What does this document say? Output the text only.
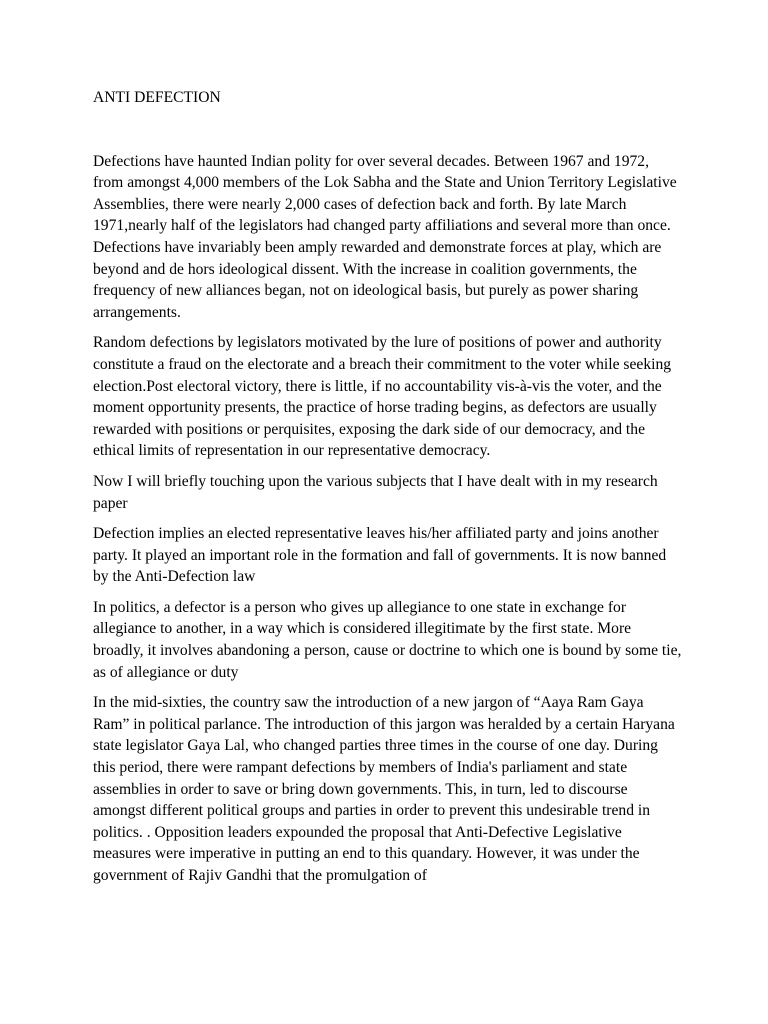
ANTI DEFECTION

Defections have haunted Indian polity for over several decades. Between 1967 and 1972, from amongst 4,000 members of the Lok Sabha and the State and Union Territory Legislative Assemblies, there were nearly 2,000 cases of defection back and forth. By late March 1971,nearly half of the legislators had changed party affiliations and several more than once. Defections have invariably been amply rewarded and demonstrate forces at play, which are beyond and de hors ideological dissent. With the increase in coalition governments, the frequency of new alliances began, not on ideological basis, but purely as power sharing arrangements.

Random defections by legislators motivated by the lure of positions of power and authority constitute a fraud on the electorate and a breach their commitment to the voter while seeking election.Post electoral victory, there is little, if no accountability vis-à-vis the voter, and the moment opportunity presents, the practice of horse trading begins, as defectors are usually rewarded with positions or perquisites, exposing the dark side of our democracy, and the ethical limits of representation in our representative democracy.

Now I will briefly touching upon the various subjects that I have dealt with in my research paper

Defection implies an elected representative leaves his/her affiliated party and joins another party. It played an important role in the formation and fall of governments. It is now banned by the Anti-Defection law

In politics, a defector is a person who gives up allegiance to one state in exchange for allegiance to another, in a way which is considered illegitimate by the first state. More broadly, it involves abandoning a person, cause or doctrine to which one is bound by some tie, as of allegiance or duty

In the mid-sixties, the country saw the introduction of a new jargon of “Aaya Ram Gaya Ram” in political parlance. The introduction of this jargon was heralded by a certain Haryana state legislator Gaya Lal, who changed parties three times in the course of one day. During this period, there were rampant defections by members of India's parliament and state assemblies in order to save or bring down governments. This, in turn, led to discourse amongst different political groups and parties in order to prevent this undesirable trend in politics. . Opposition leaders expounded the proposal that Anti-Defective Legislative measures were imperative in putting an end to this quandary. However, it was under the government of Rajiv Gandhi that the promulgation of
